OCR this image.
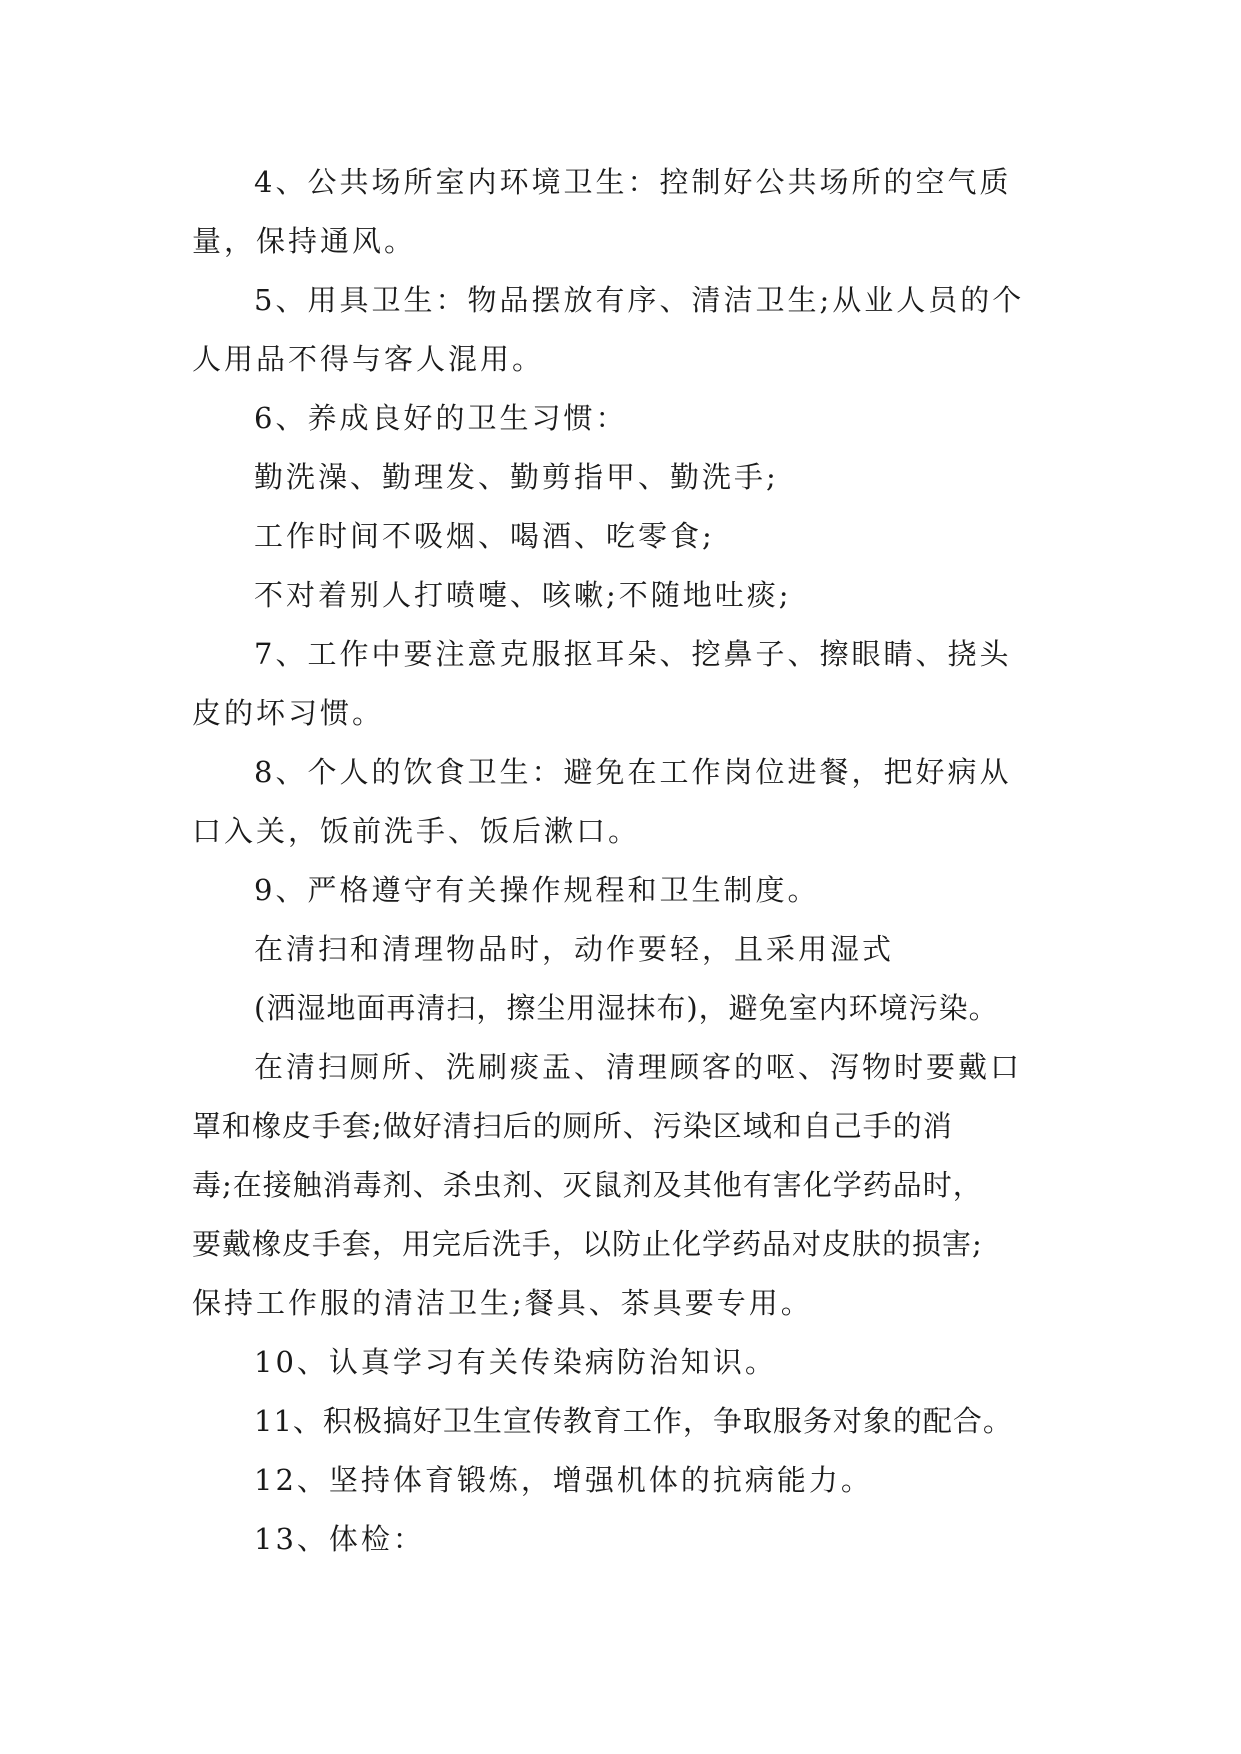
4、公共场所室内环境卫生：控制好公共场所的空气质
量，保持通风。
5、用具卫生：物品摆放有序、清洁卫生;从业人员的个
人用品不得与客人混用。
6、养成良好的卫生习惯：
勤洗澡、勤理发、勤剪指甲、勤洗手;
工作时间不吸烟、喝酒、吃零食;
不对着别人打喷嚏、咳嗽;不随地吐痰;
7、工作中要注意克服抠耳朵、挖鼻子、擦眼睛、挠头
皮的坏习惯。
8、个人的饮食卫生：避免在工作岗位进餐，把好病从
口入关，饭前洗手、饭后漱口。
9、严格遵守有关操作规程和卫生制度。
在清扫和清理物品时，动作要轻，且采用湿式
(洒湿地面再清扫，擦尘用湿抹布)，避免室内环境污染。
在清扫厕所、洗刷痰盂、清理顾客的呕、泻物时要戴口
罩和橡皮手套;做好清扫后的厕所、污染区域和自己手的消
毒;在接触消毒剂、杀虫剂、灭鼠剂及其他有害化学药品时，
要戴橡皮手套，用完后洗手，以防止化学药品对皮肤的损害;
保持工作服的清洁卫生;餐具、茶具要专用。
10、认真学习有关传染病防治知识。
11、积极搞好卫生宣传教育工作，争取服务对象的配合。
12、坚持体育锻炼，增强机体的抗病能力。
13、体检：
